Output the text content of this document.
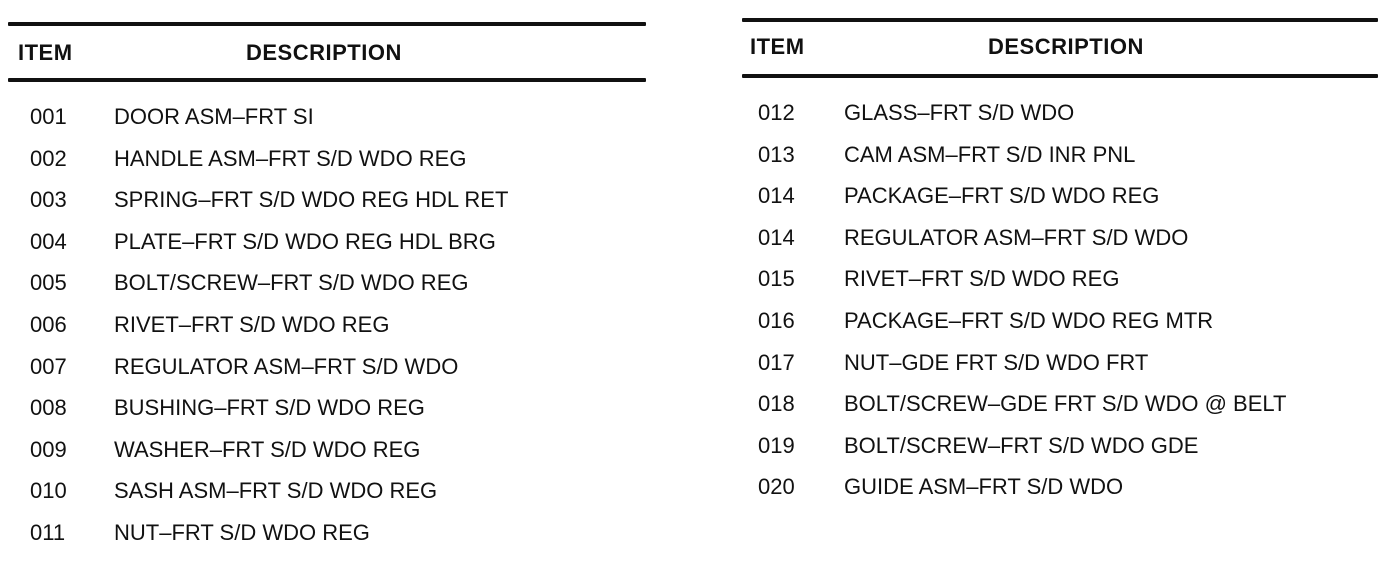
ITEM	DESCRIPTION
001 DOOR ASM–FRT SI
002 HANDLE ASM–FRT S/D WDO REG
003 SPRING–FRT S/D WDO REG HDL RET
004 PLATE–FRT S/D WDO REG HDL BRG
005 BOLT/SCREW–FRT S/D WDO REG
006 RIVET–FRT S/D WDO REG
007 REGULATOR ASM–FRT S/D WDO
008 BUSHING–FRT S/D WDO REG
009 WASHER–FRT S/D WDO REG
010 SASH ASM–FRT S/D WDO REG
011 NUT–FRT S/D WDO REG
ITEM	DESCRIPTION
012 GLASS–FRT S/D WDO
013 CAM ASM–FRT S/D INR PNL
014 PACKAGE–FRT S/D WDO REG
014 REGULATOR ASM–FRT S/D WDO
015 RIVET–FRT S/D WDO REG
016 PACKAGE–FRT S/D WDO REG MTR
017 NUT–GDE FRT S/D WDO FRT
018 BOLT/SCREW–GDE FRT S/D WDO @ BELT
019 BOLT/SCREW–FRT S/D WDO GDE
020 GUIDE ASM–FRT S/D WDO
